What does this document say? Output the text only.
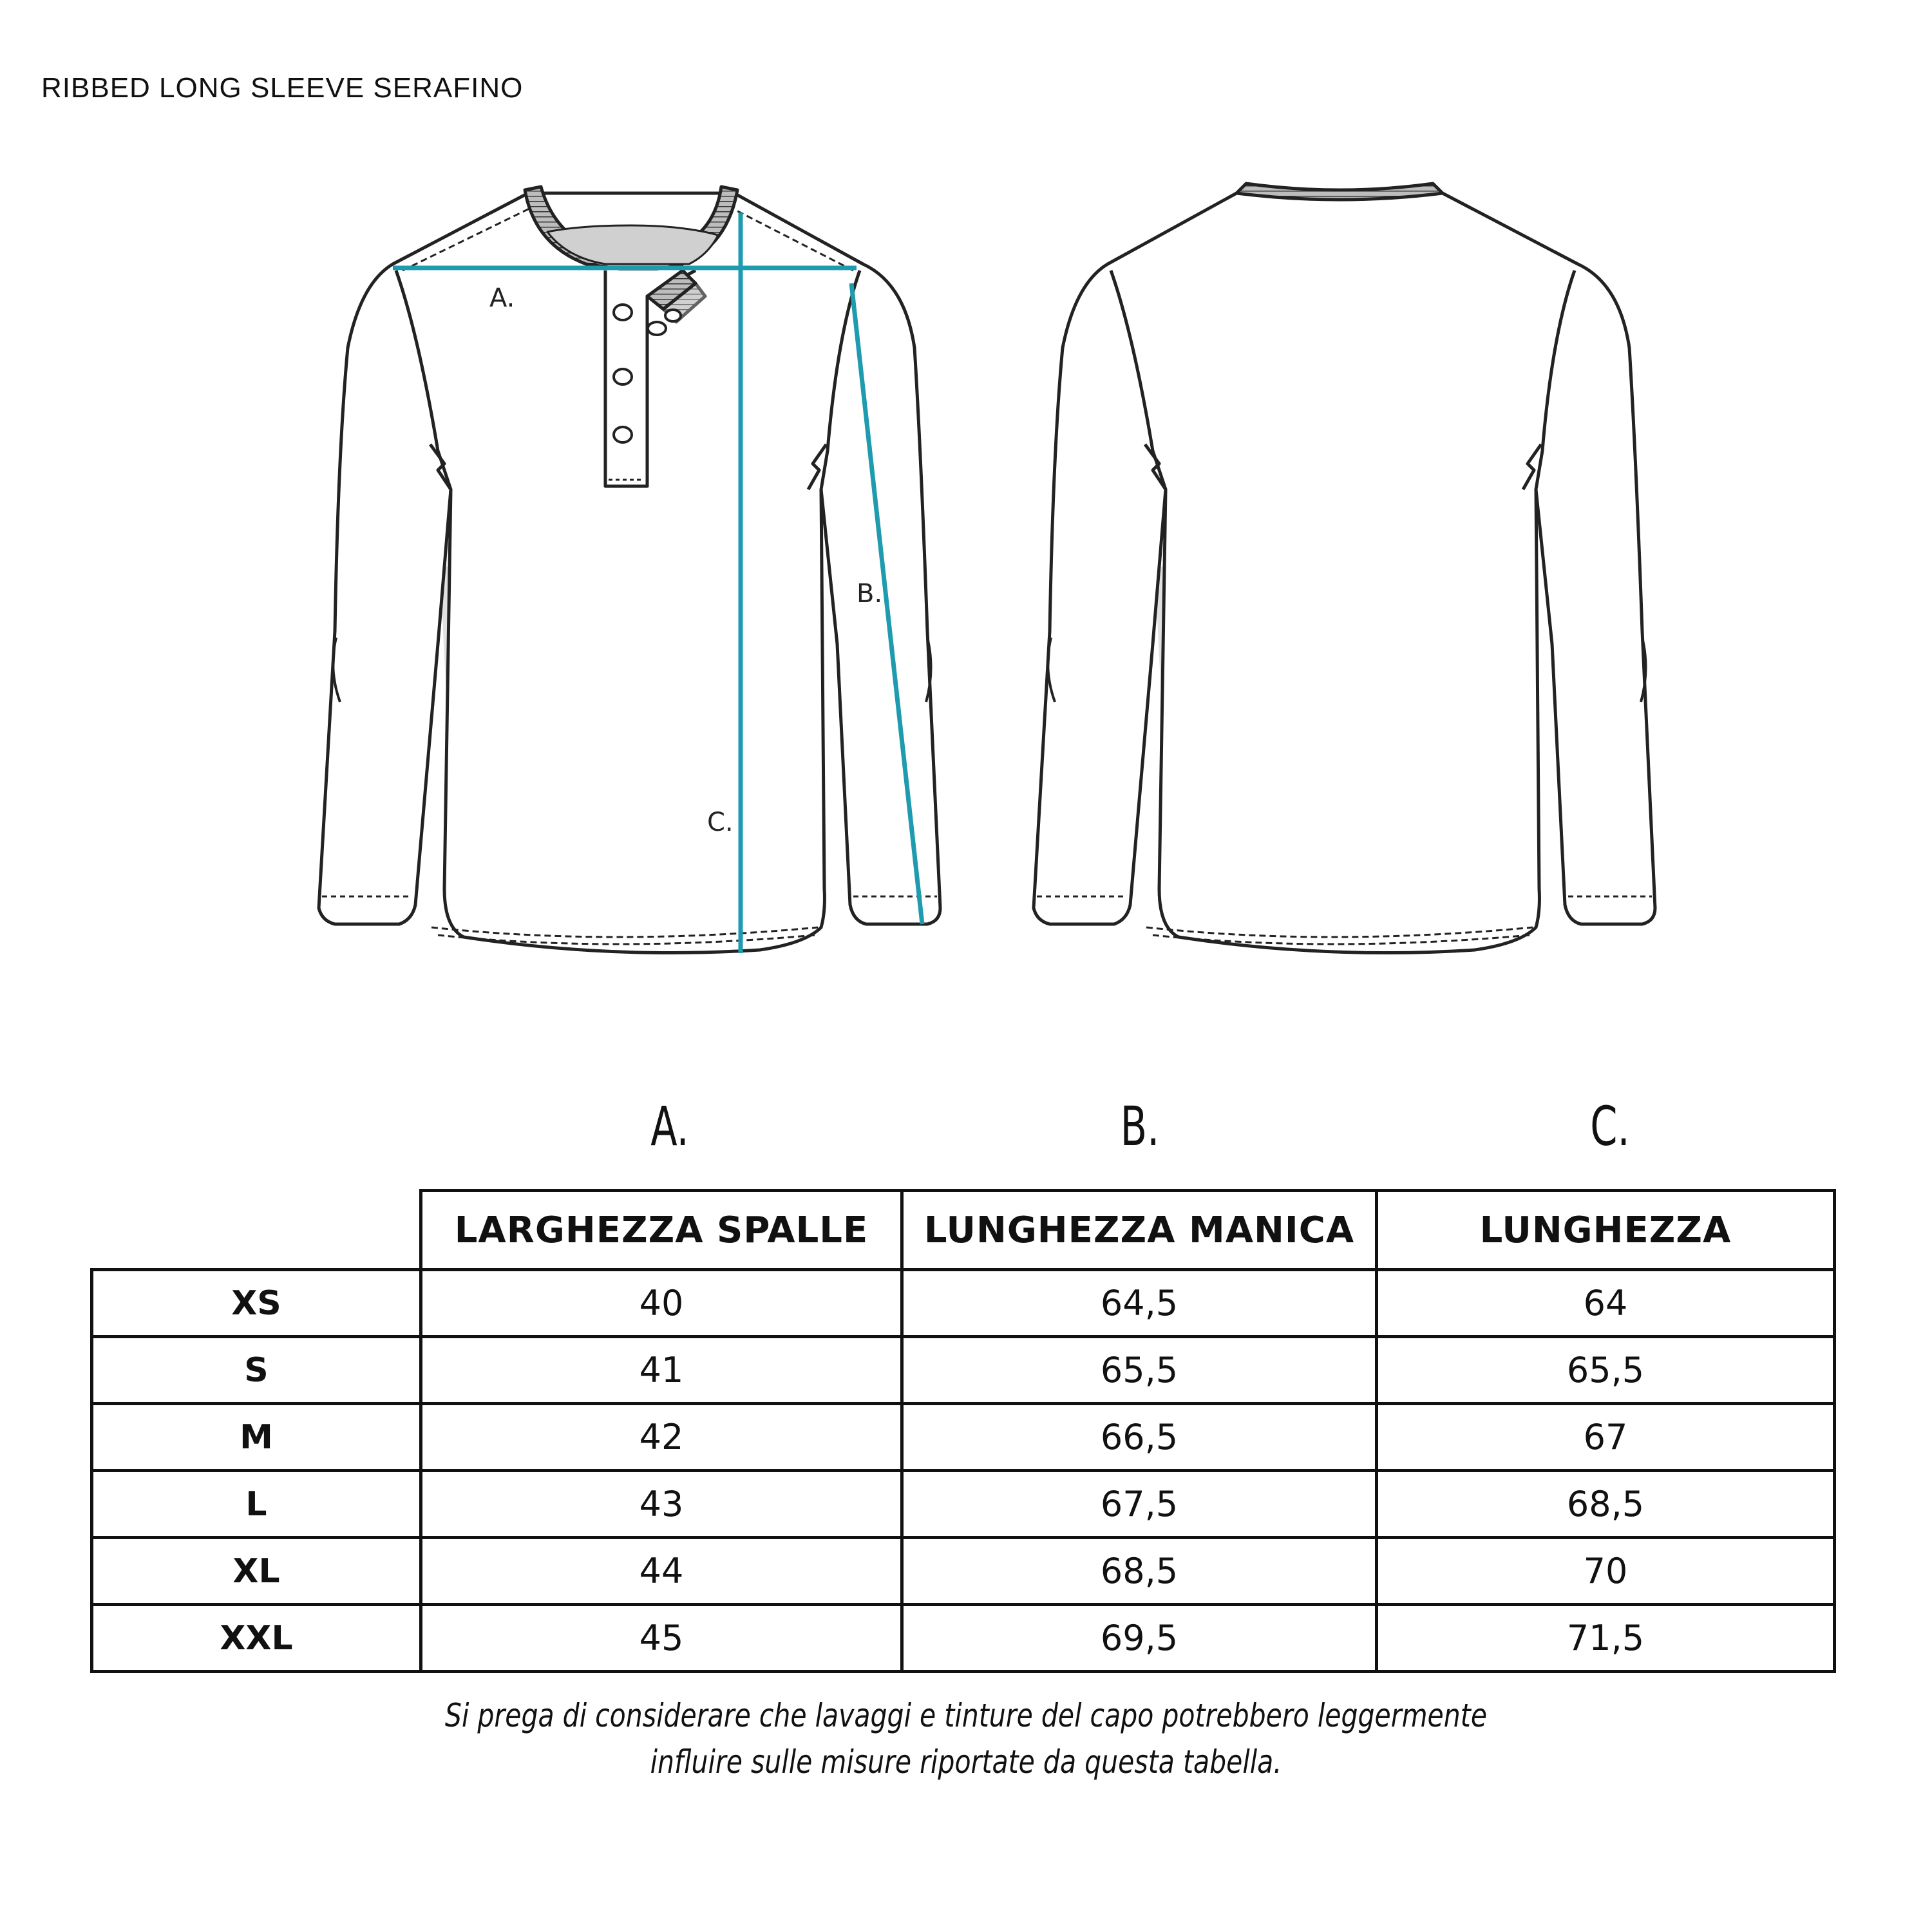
RIBBED LONG SLEEVE SERAFINO
A.
B.
C.
A.	B.	C.
	LARGHEZZA SPALLE	LUNGHEZZA MANICA	LUNGHEZZA
XS	40	64,5	64
S	41	65,5	65,5
M	42	66,5	67
L	43	67,5	68,5
XL	44	68,5	70
XXL	45	69,5	71,5
Si prega di considerare che lavaggi e tinture del capo potrebbero leggermente
influire sulle misure riportate da questa tabella.
